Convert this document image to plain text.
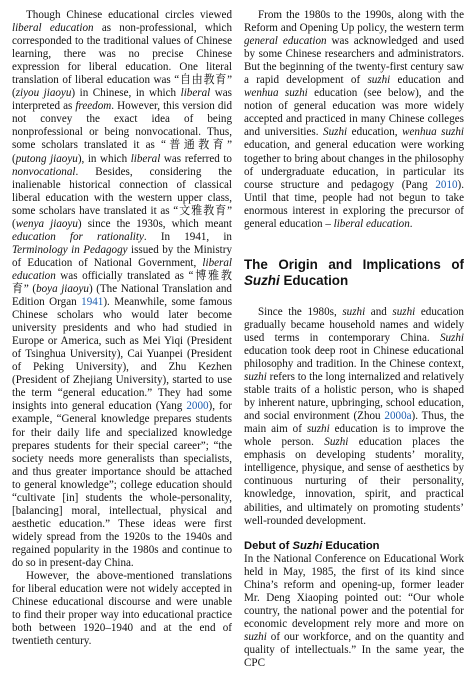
Though Chinese educational circles viewed liberal education as non-professional, which corresponded to the traditional values of Chinese learning, there was no precise Chinese expression for liberal education. One literal translation of liberal education was “自由教育” (ziyou jiaoyu) in Chinese, in which liberal was interpreted as freedom. However, this version did not convey the exact idea of being nonprofessional or being nonvocational. Thus, some scholars translated it as “普通教育” (putong jiaoyu), in which liberal was referred to nonvocational. Besides, considering the inalienable historical connection of classical liberal education with the western upper class, some scholars have translated it as “文雅教育” (wenya jiaoyu) since the 1930s, which meant education for rationality. In 1941, in Terminology in Pedagogy issued by the Ministry of Education of National Government, liberal education was officially translated as “博雅教育” (boya jiaoyu) (The National Translation and Edition Organ 1941). Meanwhile, some famous Chinese scholars who would later become university presidents and who had studied in Europe or America, such as Mei Yiqi (President of Tsinghua University), Cai Yuanpei (President of Peking University), and Zhu Kezhen (President of Zhejiang University), started to use the term “general education.” They had some insights into general education (Yang 2000), for example, “General knowledge prepares students for their daily life and specialized knowledge prepares students for their special career”; “the society needs more generalists than specialists, and thus greater importance should be attached to general knowledge”; college education should “cultivate [in] students the whole-personality, [balancing] moral, intellectual, physical and aesthetic education.” These ideas were first widely spread from the 1920s to the 1940s and regained popularity in the 1980s and continue to do so in present-day China.

However, the above-mentioned translations for liberal education were not widely accepted in Chinese educational discourse and were unable to find their proper way into educational practice both between 1920–1940 and at the end of twentieth century.

From the 1980s to the 1990s, along with the Reform and Opening Up policy, the western term general education was acknowledged and used by some Chinese researchers and administrators. But the beginning of the twenty-first century saw a rapid development of suzhi education and wenhua suzhi education (see below), and the notion of general education was more widely accepted and practiced in many Chinese colleges and universities. Suzhi education, wenhua suzhi education, and general education were working together to bring about changes in the philosophy of undergraduate education, in particular its course structure and pedagogy (Pang 2010). Until that time, people had not begun to take enormous interest in exploring the precursor of general education – liberal education.

The Origin and Implications of Suzhi Education

Since the 1980s, suzhi and suzhi education gradually became household names and widely used terms in contemporary China. Suzhi education took deep root in Chinese educational philosophy and tradition. In the Chinese context, suzhi refers to the long internalized and relatively stable traits of a holistic person, who is shaped by inherent nature, upbringing, school education, and social environment (Zhou 2000a). Thus, the main aim of suzhi education is to improve the whole person. Suzhi education places the emphasis on developing students’ morality, intelligence, physique, and sense of aesthetics by continuous nurturing of their personality, knowledge, innovation, spirit, and practical abilities, and ultimately on promoting students’ well-rounded development.

Debut of Suzhi Education

In the National Conference on Educational Work held in May, 1985, the first of its kind since China’s reform and opening-up, former leader Mr. Deng Xiaoping pointed out: “Our whole country, the national power and the potential for economic development rely more and more on suzhi of our workforce, and on the quantity and quality of intellectuals.” In the same year, the CPC
